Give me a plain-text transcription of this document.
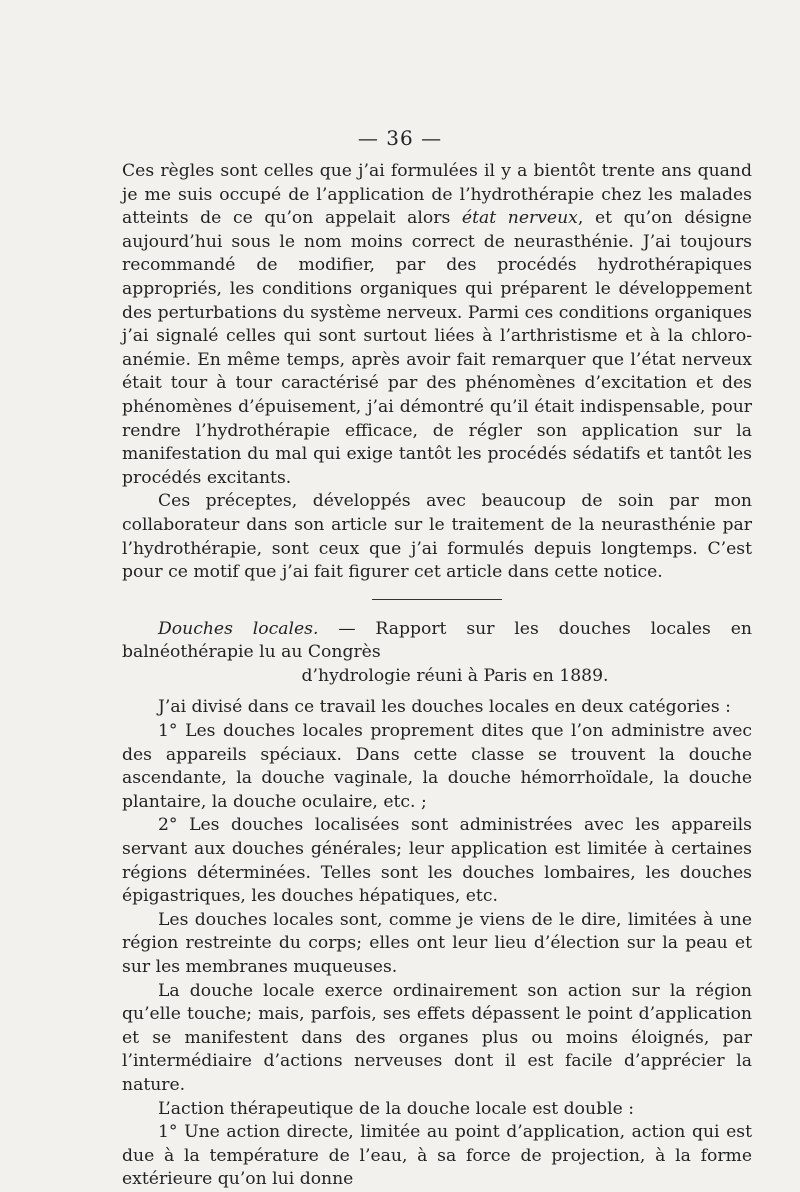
— 36 —

Ces règles sont celles que j’ai formulées il y a bientôt trente ans quand je me suis occupé de l’application de l’hydrothérapie chez les malades atteints de ce qu’on appelait alors état nerveux, et qu’on désigne aujourd’hui sous le nom moins correct de neurasthénie. J’ai toujours recommandé de modifier, par des procédés hydrothérapiques appropriés, les conditions organiques qui préparent le développement des perturbations du système nerveux. Parmi ces conditions organiques j’ai signalé celles qui sont surtout liées à l’arthristisme et à la chloro-anémie. En même temps, après avoir fait remarquer que l’état nerveux était tour à tour caractérisé par des phénomènes d’excitation et des phénomènes d’épuisement, j’ai démontré qu’il était indispensable, pour rendre l’hydrothérapie efficace, de régler son application sur la manifestation du mal qui exige tantôt les procédés sédatifs et tantôt les procédés excitants.

Ces préceptes, développés avec beaucoup de soin par mon collaborateur dans son article sur le traitement de la neurasthénie par l’hydrothérapie, sont ceux que j’ai formulés depuis longtemps. C’est pour ce motif que j’ai fait figurer cet article dans cette notice.

Douches locales. — Rapport sur les douches locales en balnéothérapie lu au Congrès
d’hydrologie réuni à Paris en 1889.

J’ai divisé dans ce travail les douches locales en deux catégories :

1° Les douches locales proprement dites que l’on administre avec des appareils spéciaux. Dans cette classe se trouvent la douche ascendante, la douche vaginale, la douche hémorrhoïdale, la douche plantaire, la douche oculaire, etc. ;

2° Les douches localisées sont administrées avec les appareils servant aux douches générales; leur application est limitée à certaines régions déterminées. Telles sont les douches lombaires, les douches épigastriques, les douches hépatiques, etc.

Les douches locales sont, comme je viens de le dire, limitées à une région restreinte du corps; elles ont leur lieu d’élection sur la peau et sur les membranes muqueuses.

La douche locale exerce ordinairement son action sur la région qu’elle touche; mais, parfois, ses effets dépassent le point d’application et se manifestent dans des organes plus ou moins éloignés, par l’intermédiaire d’actions nerveuses dont il est facile d’apprécier la nature.

L’action thérapeutique de la douche locale est double :

1° Une action directe, limitée au point d’application, action qui est due à la température de l’eau, à sa force de projection, à la forme extérieure qu’on lui donne
